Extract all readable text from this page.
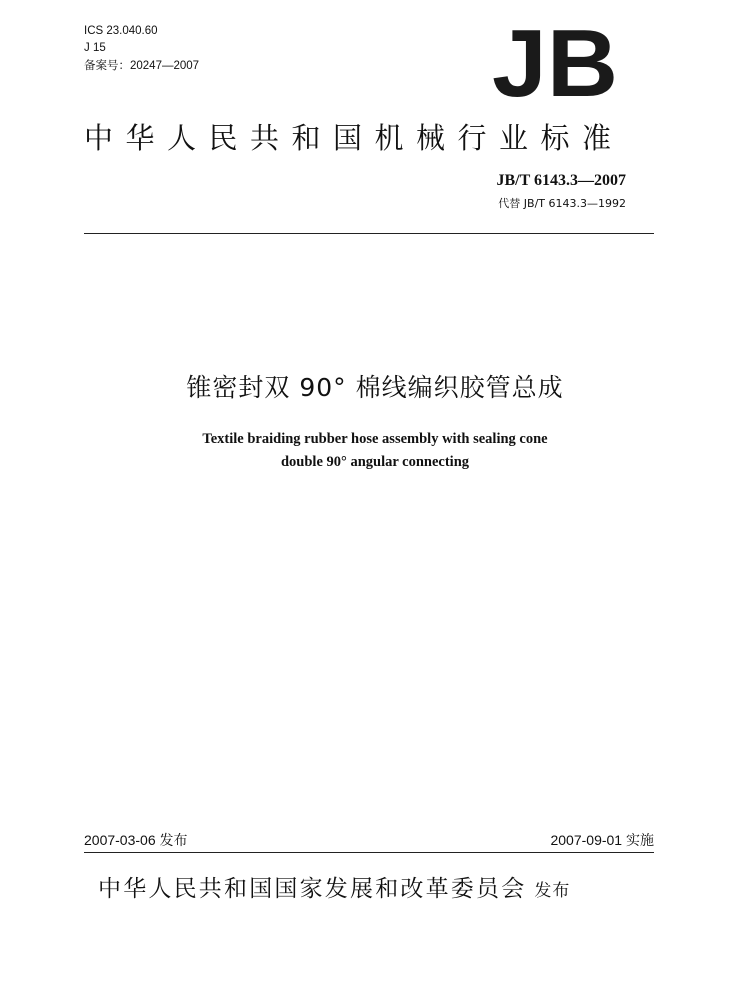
ICS 23.040.60
J 15
备案号：20247—2007	JB
中华人民共和国机械行业标准
JB/T 6143.3—2007
代替 JB/T 6143.3—1992
锥密封双 90° 棉线编织胶管总成
Textile braiding rubber hose assembly with sealing cone
double 90° angular connecting
2007-03-06 发布	2007-09-01 实施
中华人民共和国国家发展和改革委员会 发布
